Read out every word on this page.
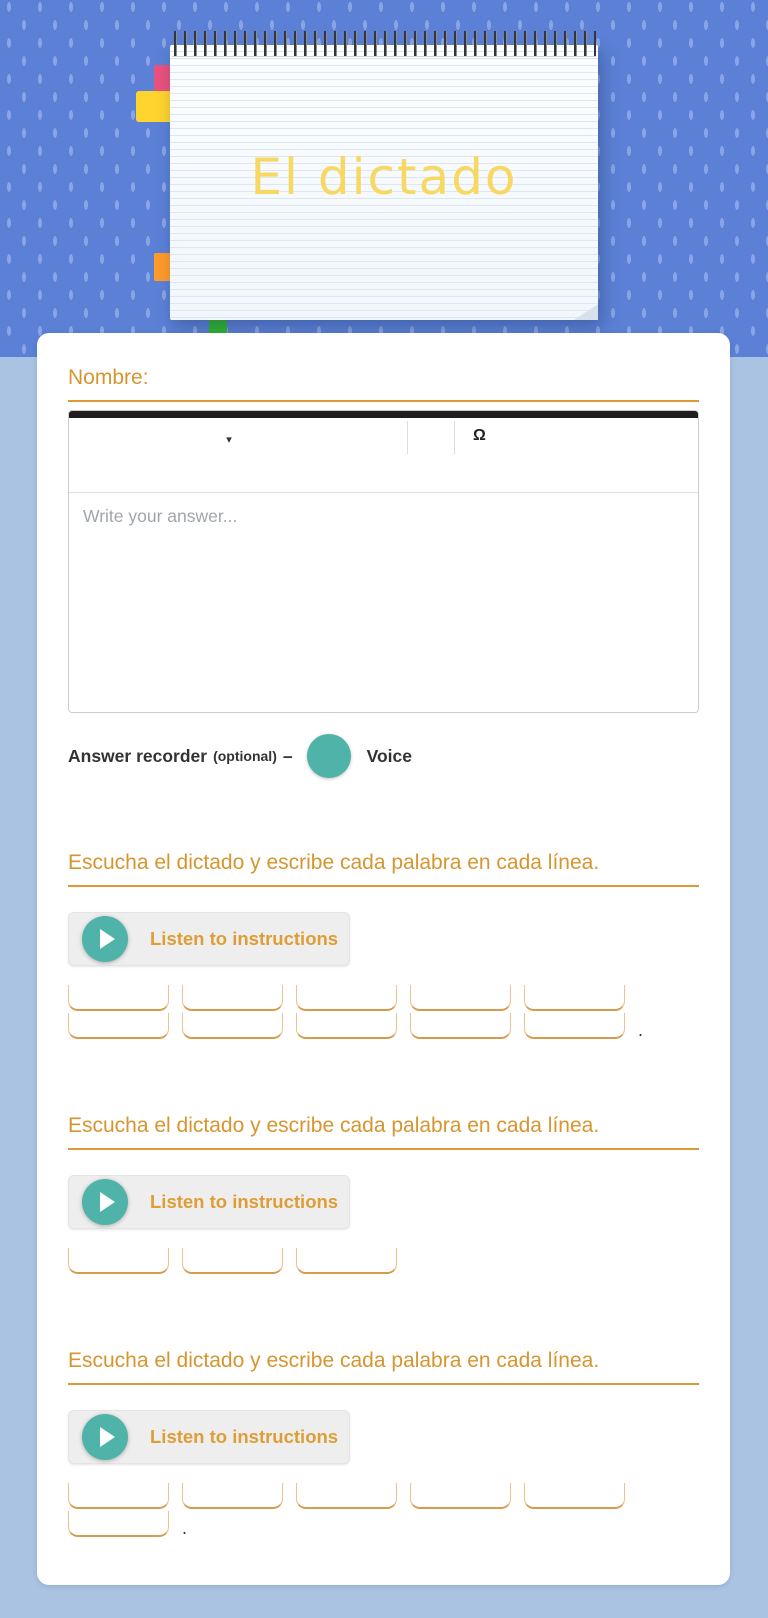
El dictado
Nombre:
▾	Ω
Write your answer...
Answer recorder (optional) –	Voice
Escucha el dictado y escribe cada palabra en cada línea.
Listen to instructions
.
Escucha el dictado y escribe cada palabra en cada línea.
Listen to instructions
Escucha el dictado y escribe cada palabra en cada línea.
Listen to instructions
.
